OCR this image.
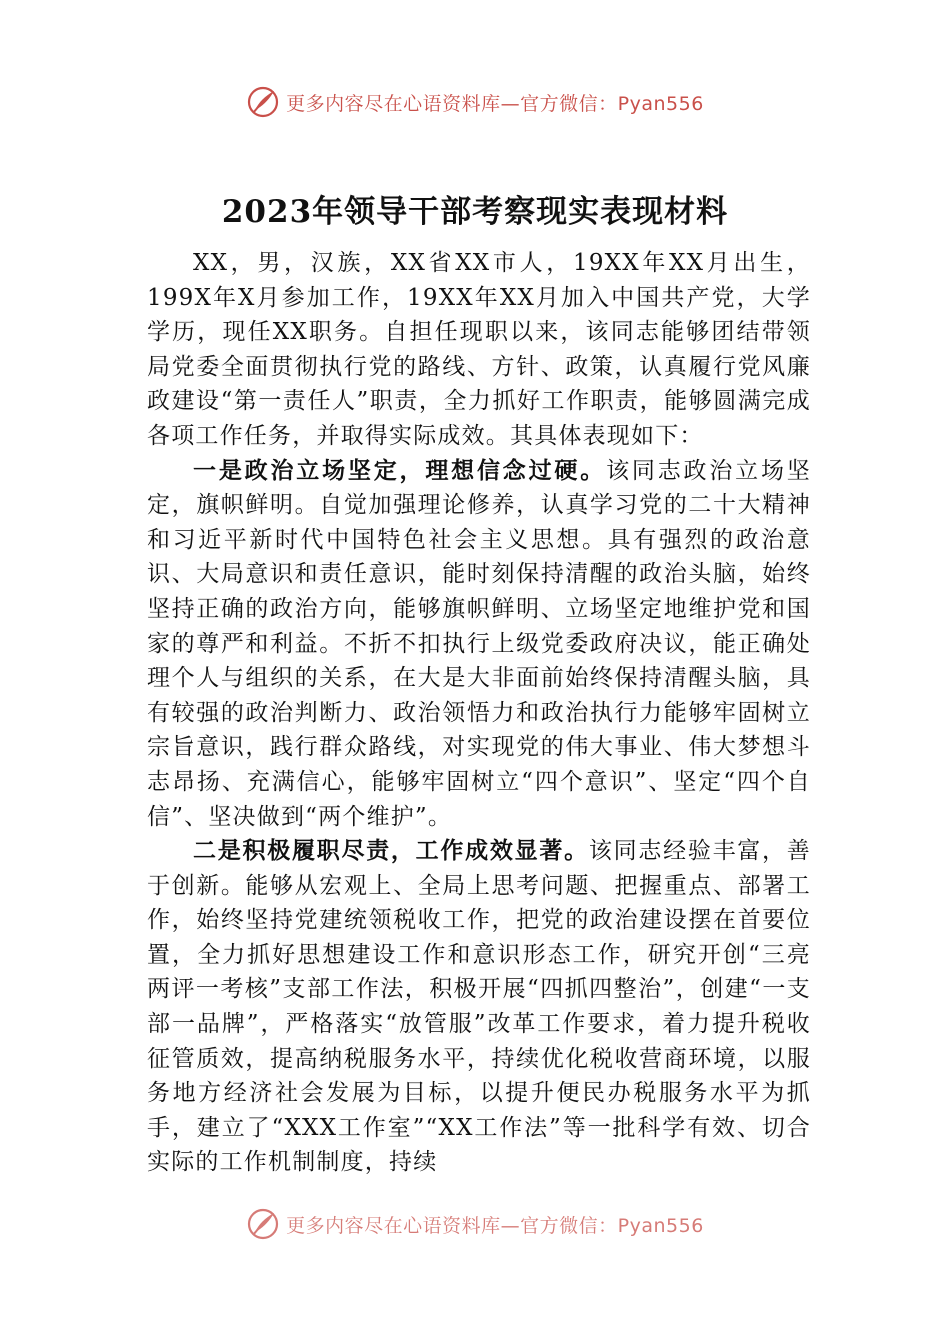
更多内容尽在心语资料库—官方微信：Pyan556
2023年领导干部考察现实表现材料

XX，男，汉族，XX省XX市人，19XX年XX月出生，199X年X月参加工作，19XX年XX月加入中国共产党，大学学历，现任XX职务。自担任现职以来，该同志能够团结带领局党委全面贯彻执行党的路线、方针、政策，认真履行党风廉政建设“第一责任人”职责，全力抓好工作职责，能够圆满完成各项工作任务，并取得实际成效。其具体表现如下：

一是政治立场坚定，理想信念过硬。该同志政治立场坚定，旗帜鲜明。自觉加强理论修养，认真学习党的二十大精神和习近平新时代中国特色社会主义思想。具有强烈的政治意识、大局意识和责任意识，能时刻保持清醒的政治头脑，始终坚持正确的政治方向，能够旗帜鲜明、立场坚定地维护党和国家的尊严和利益。不折不扣执行上级党委政府决议，能正确处理个人与组织的关系，在大是大非面前始终保持清醒头脑，具有较强的政治判断力、政治领悟力和政治执行力能够牢固树立宗旨意识，践行群众路线，对实现党的伟大事业、伟大梦想斗志昂扬、充满信心，能够牢固树立“四个意识”、坚定“四个自信”、坚决做到“两个维护”。

二是积极履职尽责，工作成效显著。该同志经验丰富，善于创新。能够从宏观上、全局上思考问题、把握重点、部署工作，始终坚持党建统领税收工作，把党的政治建设摆在首要位置，全力抓好思想建设工作和意识形态工作，研究开创“三亮两评一考核”支部工作法，积极开展“四抓四整治”，创建“一支部一品牌”，严格落实“放管服”改革工作要求，着力提升税收征管质效，提高纳税服务水平，持续优化税收营商环境，以服务地方经济社会发展为目标，以提升便民办税服务水平为抓手，建立了“XXX工作室”“XX工作法”等一批科学有效、切合实际的工作机制制度，持续

更多内容尽在心语资料库—官方微信：Pyan556
